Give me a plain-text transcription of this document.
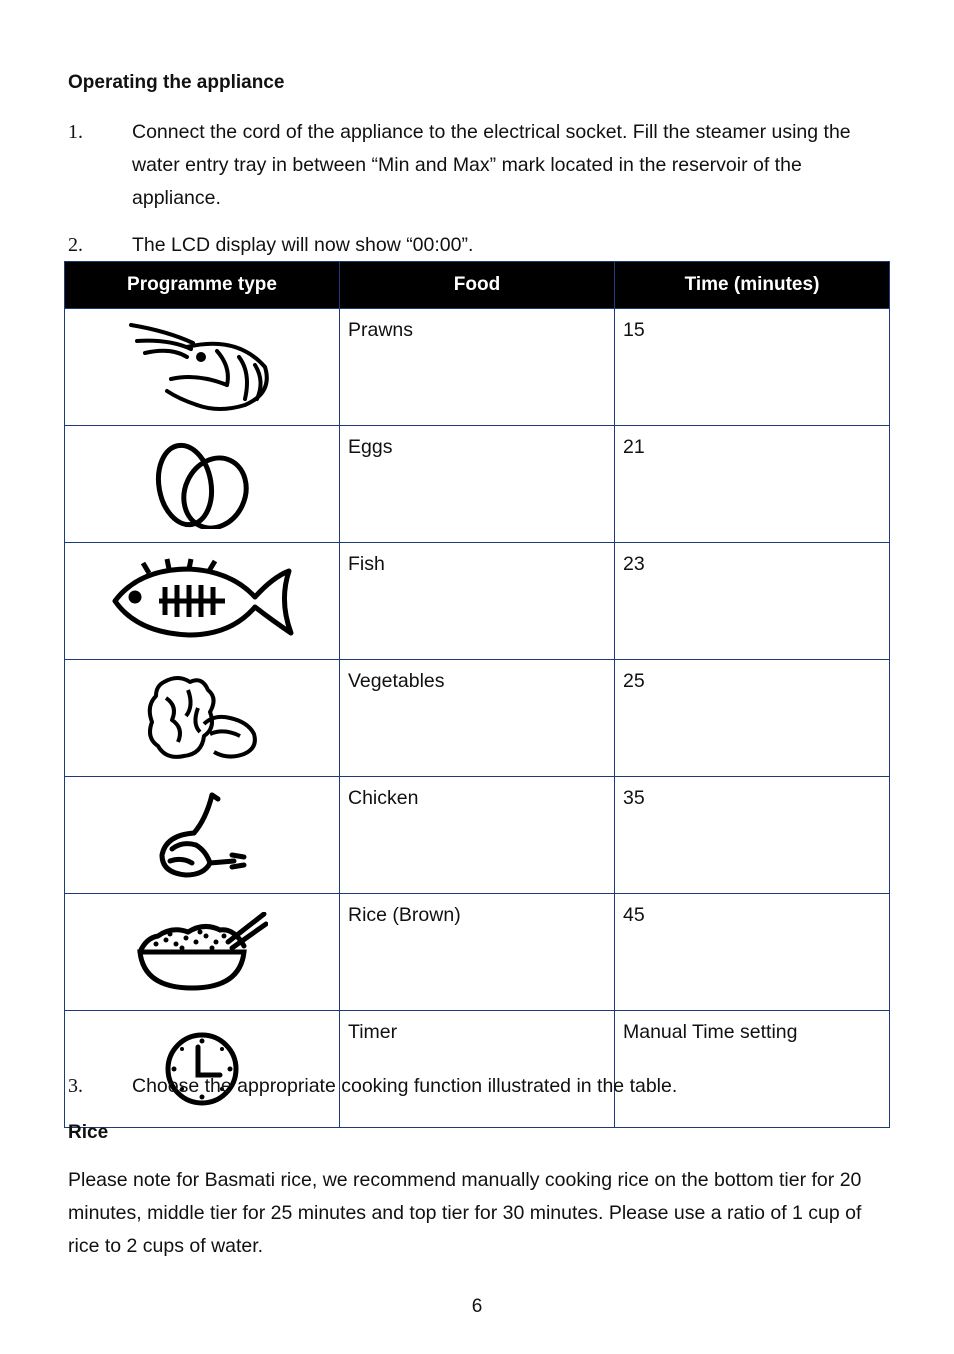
Operating the appliance
1.	Connect the cord of the appliance to the electrical socket. Fill the steamer using the water entry tray in between “Min and Max” mark located in the reservoir of the appliance.
2.	The LCD display will now show “00:00”.
Programme type	Food	Time (minutes)

	Prawns	15

	Eggs	21

	Fish	23

	Vegetables	25

	Chicken	35

	Rice (Brown)	45

	Timer	Manual Time setting
3.	Choose the appropriate cooking function illustrated in the table.
Rice
Please note for Basmati rice, we recommend manually cooking rice on the bottom tier for 20 minutes, middle tier for 25 minutes and top tier for 30 minutes. Please use a ratio of 1 cup of rice to 2 cups of water.
6
